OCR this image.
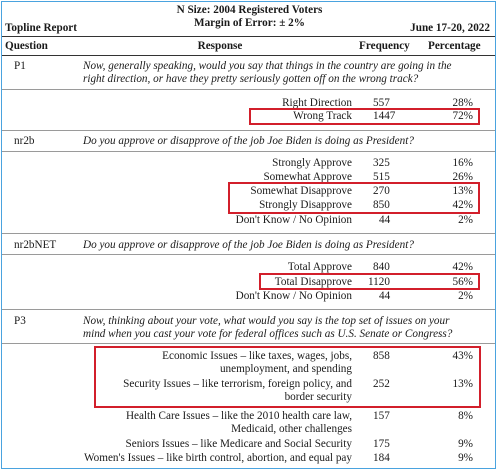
N Size: 2004 Registered Voters
Margin of Error: ± 2%
Topline Report	June 17-20, 2022
Question	Response	Frequency Percentage
P1	Now, generally speaking, would you say that things in the country are going in the
right direction, or have they pretty seriously gotten off on the wrong track?
Right Direction 557	28%
Wrong Track 1447	72%
nr2b	Do you approve or disapprove of the job Joe Biden is doing as President?
Strongly Approve 325	16%
Somewhat Approve 515	26%
Somewhat Disapprove 270	13%
Strongly Disapprove 850	42%
Don't Know / No Opinion 44	2%
nr2bNET Do you approve or disapprove of the job Joe Biden is doing as President?
Total Approve 840	42%
Total Disapprove 1120	56%
Don't Know / No Opinion 44	2%
P3	Now, thinking about your vote, what would you say is the top set of issues on your
mind when you cast your vote for federal offices such as U.S. Senate or Congress?
Economic Issues – like taxes, wages, jobs,
unemployment, and spending
858	43%
Security Issues – like terrorism, foreign policy, and
border security
252	13%
Health Care Issues – like the 2010 health care law,
Medicaid, other challenges
157	8%
Seniors Issues – like Medicare and Social Security 175	9%
Women's Issues – like birth control, abortion, and equal pay 184	9%
